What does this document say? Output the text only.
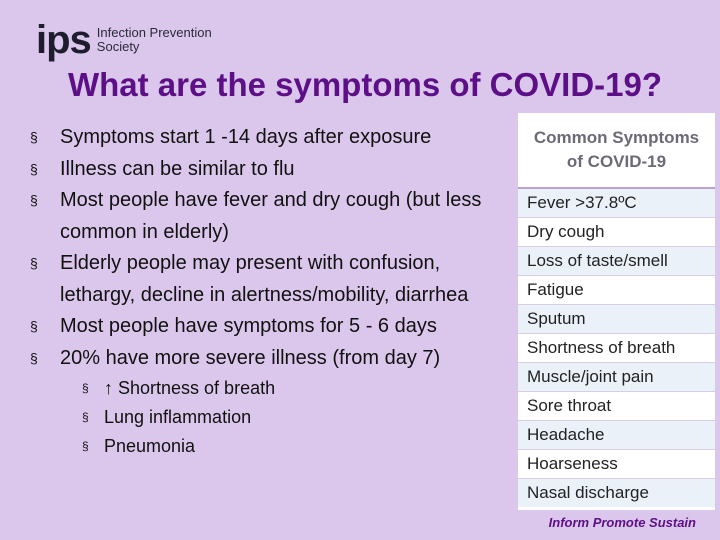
ips Infection Prevention
Society
What are the symptoms of COVID-19?
§	Symptoms start 1 -14 days after exposure
§	Illness can be similar to flu
§	Most people have fever and dry cough (but less common in elderly)
§	Elderly people may present with confusion, lethargy, decline in alertness/mobility, diarrhea
§	Most people have symptoms for 5 - 6 days
§	20% have more severe illness (from day 7)
§ ↑ Shortness of breath
§ Lung inflammation
§ Pneumonia
Common Symptoms
of COVID-19
Fever >37.8ºC
Dry cough
Loss of taste/smell
Fatigue
Sputum
Shortness of breath
Muscle/joint pain
Sore throat
Headache
Hoarseness
Nasal discharge
Inform Promote Sustain
